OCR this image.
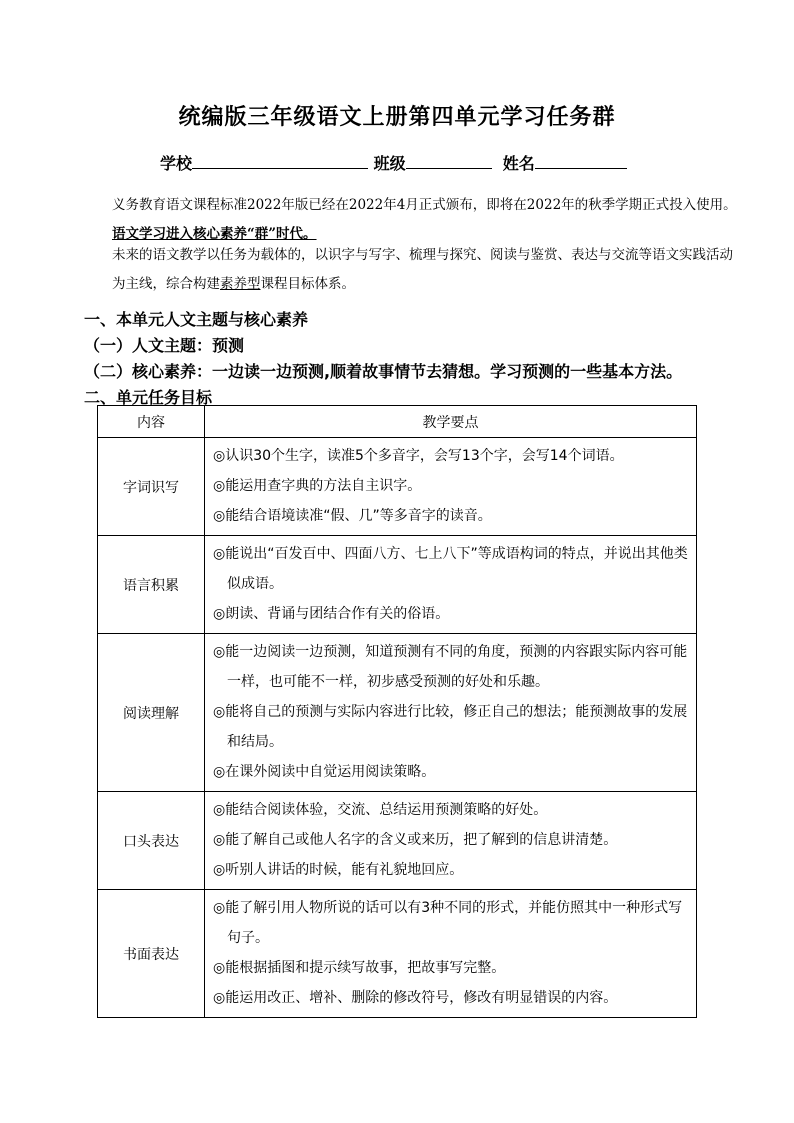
统编版三年级语文上册第四单元学习任务群
学校	班级	姓名
义务教育语文课程标准2022年版已经在2022年4月正式颁布，即将在2022年的秋季学期正式投入使用。语文学习进入核心素养“群”时代。
未来的语文教学以任务为载体的，以识字与写字、梳理与探究、阅读与鉴赏、表达与交流等语文实践活动为主线，综合构建素养型课程目标体系。
一、本单元人文主题与核心素养
（一）人文主题：预测
（二）核心素养：一边读一边预测,顺着故事情节去猜想。学习预测的一些基本方法。
二、单元任务目标
内容	教学要点
字词识写	◎认识30个生字，读准5个多音字，会写13个字，会写14个词语。
◎能运用查字典的方法自主识字。
◎能结合语境读准“假、几”等多音字的读音。

语言积累	◎能说出“百发百中、四面八方、七上八下”等成语构词的特点，并说出其他类似成语。
◎朗读、背诵与团结合作有关的俗语。

阅读理解	◎能一边阅读一边预测，知道预测有不同的角度，预测的内容跟实际内容可能一样，也可能不一样，初步感受预测的好处和乐趣。
◎能将自己的预测与实际内容进行比较，修正自己的想法；能预测故事的发展和结局。
◎在课外阅读中自觉运用阅读策略。

口头表达	◎能结合阅读体验，交流、总结运用预测策略的好处。
◎能了解自己或他人名字的含义或来历，把了解到的信息讲清楚。
◎听别人讲话的时候，能有礼貌地回应。

书面表达	◎能了解引用人物所说的话可以有3种不同的形式，并能仿照其中一种形式写句子。
◎能根据插图和提示续写故事，把故事写完整。
◎能运用改正、增补、删除的修改符号，修改有明显错误的内容。
